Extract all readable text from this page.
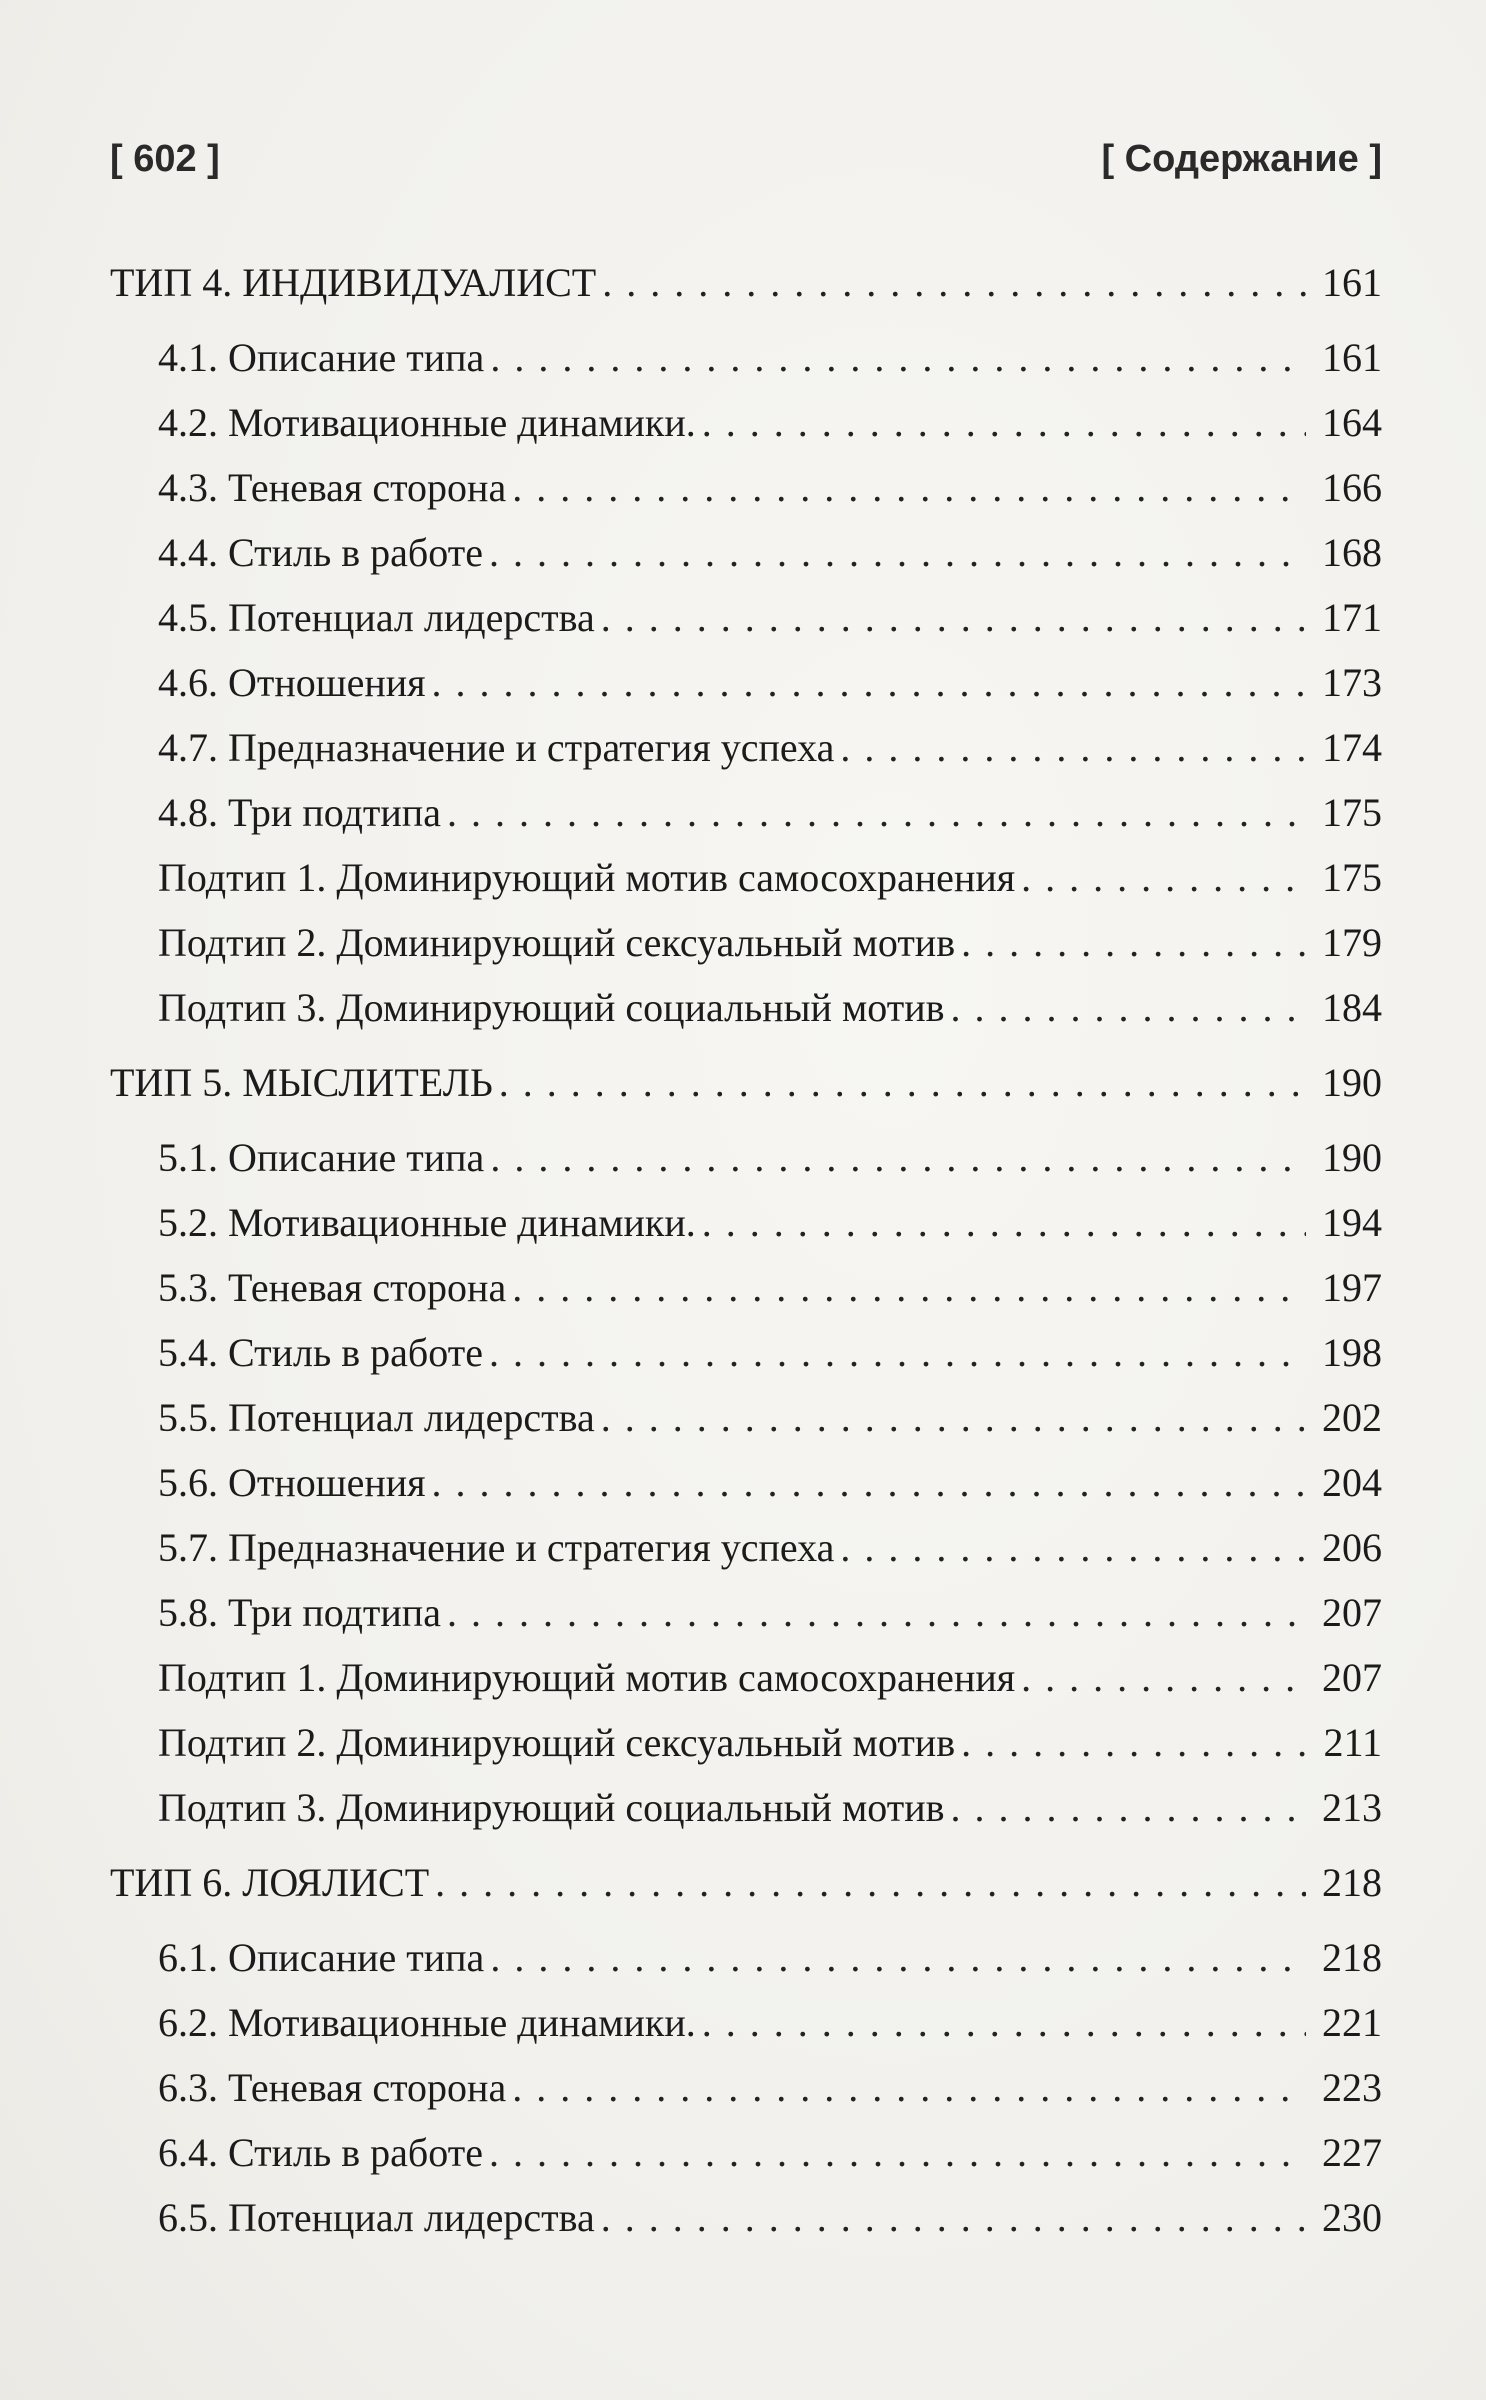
[ 602 ]	[ Содержание ]
ТИП 4. ИНДИВИДУАЛИСТ . . .	161
4.1. Описание типа . . .	161
4.2. Мотивационные динамики. . . .	164
4.3. Теневая сторона . . .	166
4.4. Стиль в работе . . .	168
4.5. Потенциал лидерства . . .	171
4.6. Отношения . . .	173
4.7. Предназначение и стратегия успеха . . .	174
4.8. Три подтипа . . .	175
Подтип 1. Доминирующий мотив самосохранения . . .	175
Подтип 2. Доминирующий сексуальный мотив . . .	179
Подтип 3. Доминирующий социальный мотив . . .	184
ТИП 5. МЫСЛИТЕЛЬ . . .	190
5.1. Описание типа . . .	190
5.2. Мотивационные динамики. . . .	194
5.3. Теневая сторона . . .	197
5.4. Стиль в работе . . .	198
5.5. Потенциал лидерства . . .	202
5.6. Отношения . . .	204
5.7. Предназначение и стратегия успеха . . .	206
5.8. Три подтипа . . .	207
Подтип 1. Доминирующий мотив самосохранения . . .	207
Подтип 2. Доминирующий сексуальный мотив . . .	211
Подтип 3. Доминирующий социальный мотив . . .	213
ТИП 6. ЛОЯЛИСТ . . .	218
6.1. Описание типа . . .	218
6.2. Мотивационные динамики. . . .	221
6.3. Теневая сторона . . .	223
6.4. Стиль в работе . . .	227
6.5. Потенциал лидерства . . .	230
